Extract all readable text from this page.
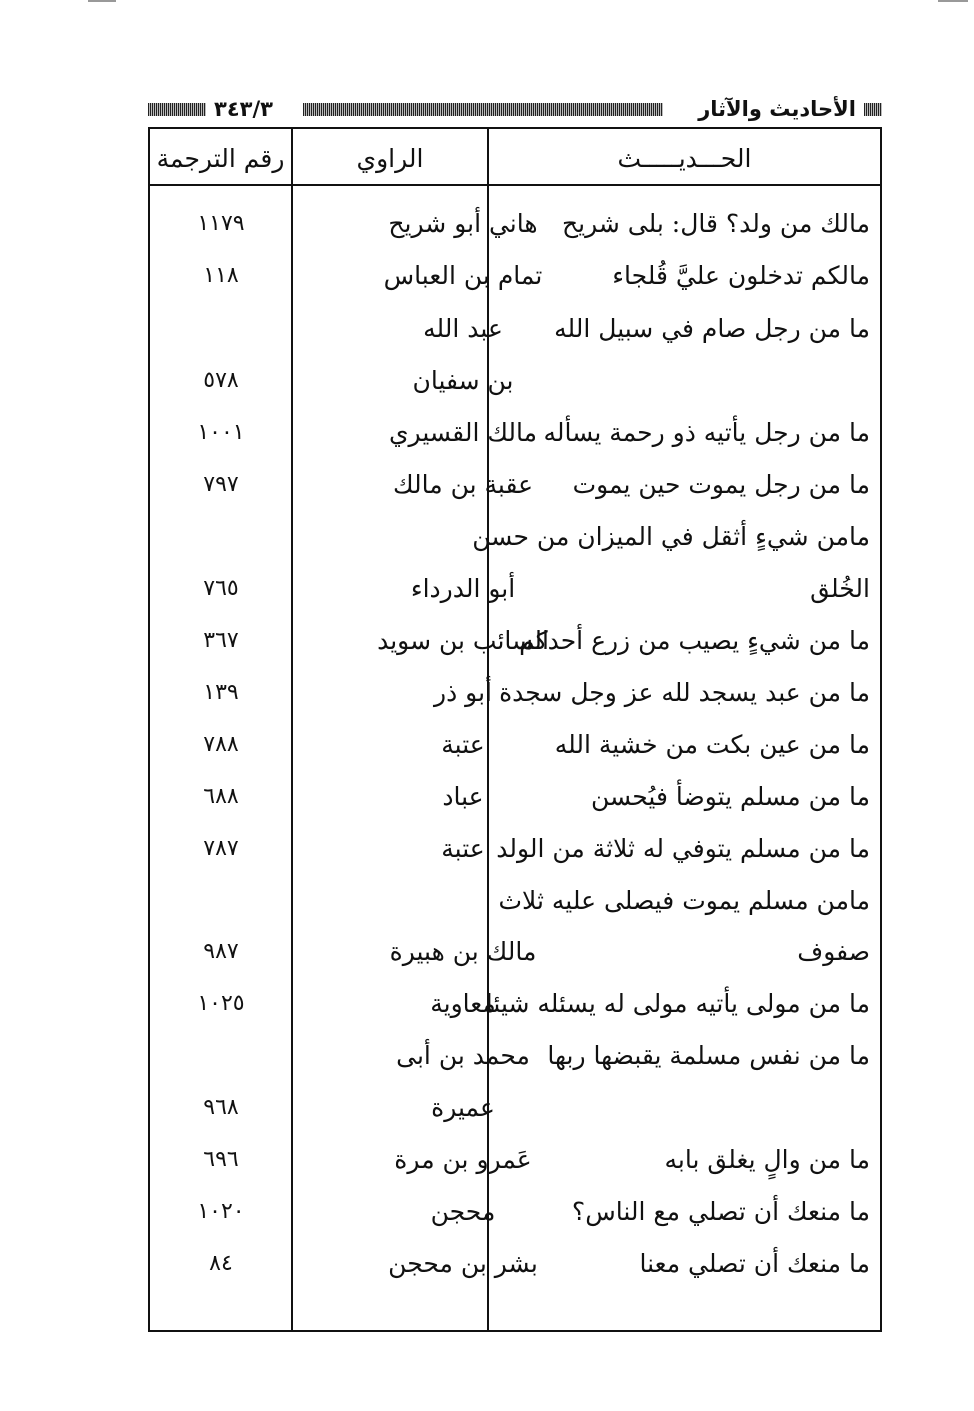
الأحاديث والآثار
٣٤٣/٣
الحـــديـــــث
الراوي
رقم الترجمة
مالك من ولد؟ قال: بلى شريح
هاني أبو شريح
١١٧٩
مالكم تدخلون عليَّ قُلجاء
تمام بن العباس
١١٨
ما من رجل صام في سبيل الله
عبد الله
بن سفيان
٥٧٨
ما من رجل يأتيه ذو رحمة يسأله
مالك القسيري
١٠٠١
ما من رجل يموت حين يموت
عقبة بن مالك
٧٩٧
مامن شيءٍ أثقل في الميزان من حسن
الخُلق
أبو الدرداء
٧٦٥
ما من شيءٍ يصيب من زرع أحدكم
السائب بن سويد
٣٦٧
ما من عبد يسجد لله عز وجل سجدة
أبو ذر
١٣٩
ما من عين بكت من خشية الله
عتبة
٧٨٨
ما من مسلم يتوضأ فيُحسن
عباد
٦٨٨
ما من مسلم يتوفي له ثلاثة من الولد
عتبة
٧٨٧
مامن مسلم يموت فيصلى عليه ثلاث
صفوف
مالك بن هبيرة
٩٨٧
ما من مولى يأتيه مولى له يسئله شيئا
معاوية
١٠٢٥
ما من نفس مسلمة يقبضها ربها
محمد بن أبى
عميرة
٩٦٨
ما من والٍ يغلق بابه
عَمرو بن مرة
٦٩٦
ما منعك أن تصلي مع الناس؟
محجن
١٠٢٠
ما منعك أن تصلي معنا
بشر بن محجن
٨٤
